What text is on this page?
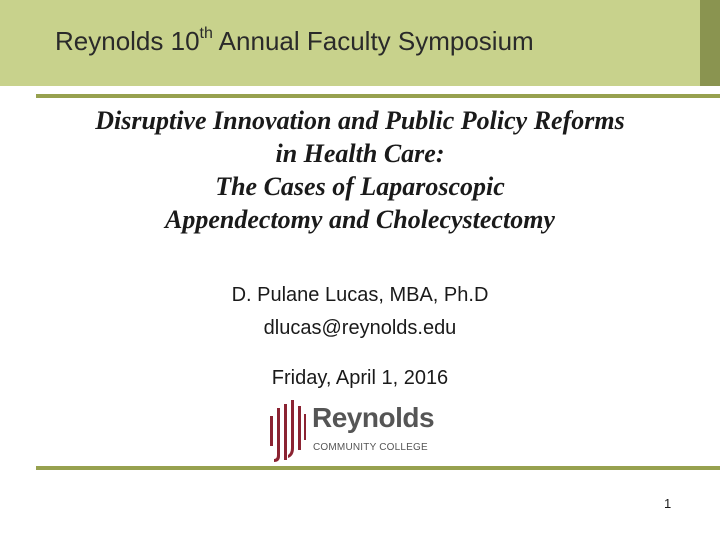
Reynolds 10th Annual Faculty Symposium
Disruptive Innovation and Public Policy Reforms
in Health Care:
The Cases of Laparoscopic
Appendectomy and Cholecystectomy
D. Pulane Lucas, MBA, Ph.D
dlucas@reynolds.edu
Friday, April 1, 2016
Reynolds
COMMUNITY COLLEGE
1
